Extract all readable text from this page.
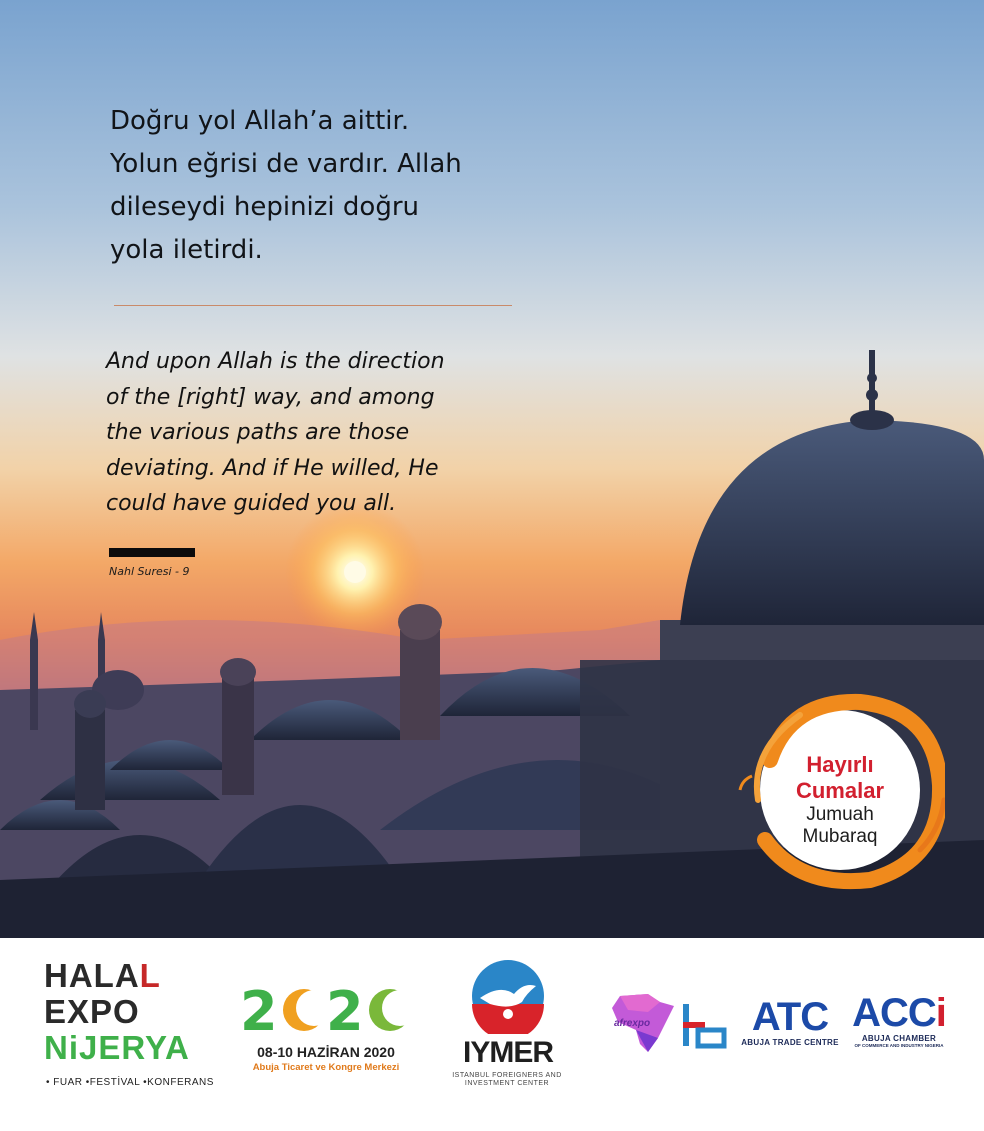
Doğru yol Allah’a aittir.
Yolun eğrisi de vardır. Allah
dileseydi hepinizi doğru
yola iletirdi.

And upon Allah is the direction
of the [right] way, and among
the various paths are those
deviating. And if He willed, He
could have guided you all.

Nahl Suresi - 9
Hayırlı
Cumalar
Jumuah
Mubaraq
HALAL
EXPO
NiJERYA
• FUAR •FESTİVAL •KONFERANS
2 2
08-10 HAZİRAN 2020
Abuja Ticaret ve Kongre Merkezi	IYMER
ISTANBUL FOREIGNERS AND
INVESTMENT CENTER
afrexpo	ATC
ABUJA TRADE CENTRE
ACCi
ABUJA CHAMBER
OF COMMERCE AND INDUSTRY NIGERIA
